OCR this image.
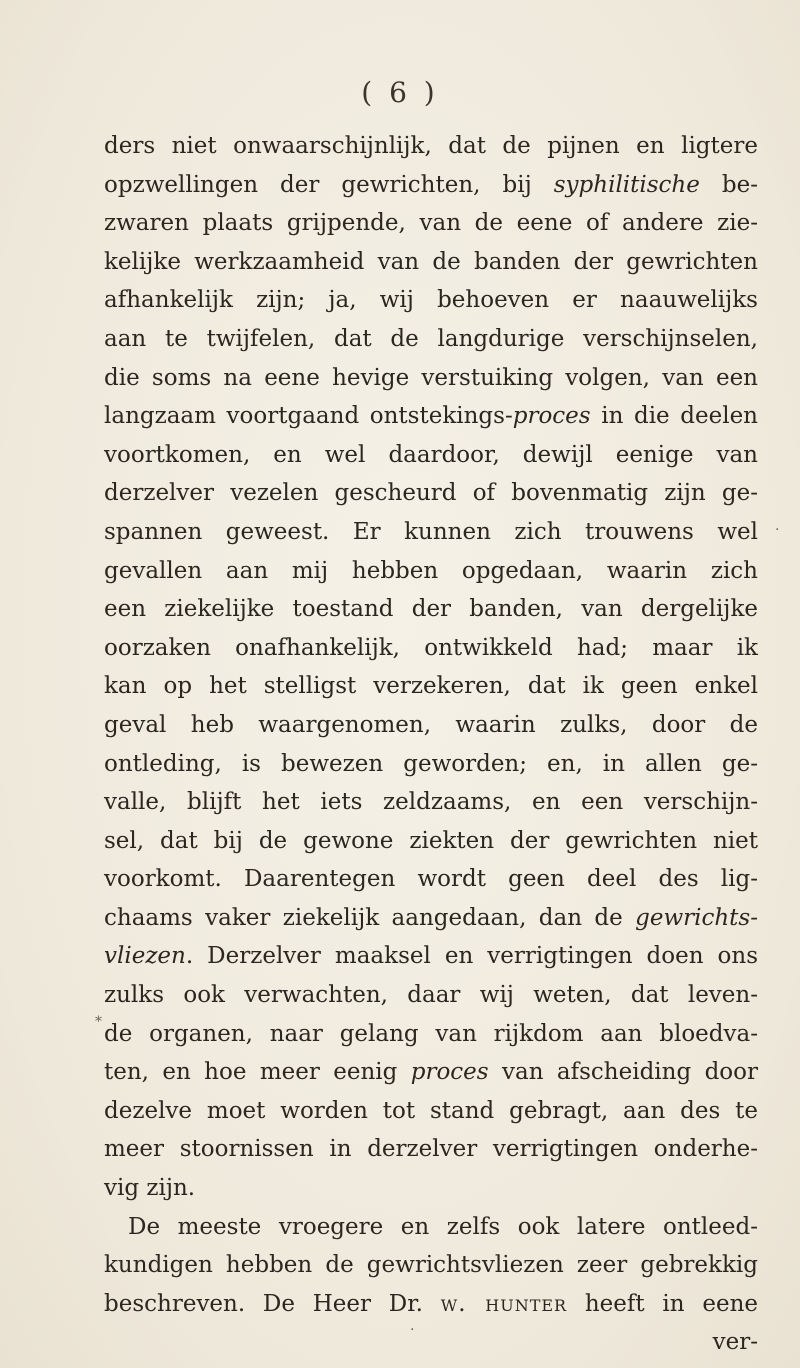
( 6 )
ders niet onwaarschijnlijk, dat de pijnen en ligtere
opzwellingen der gewrichten, bij syphilitische be-
zwaren plaats grijpende, van de eene of andere zie-
kelijke werkzaamheid van de banden der gewrichten
afhankelijk zijn; ja, wij behoeven er naauwelijks
aan te twijfelen, dat de langdurige verschijnselen,
die soms na eene hevige verstuiking volgen, van een
langzaam voortgaand ontstekings-proces in die deelen
voortkomen, en wel daardoor, dewijl eenige van
derzelver vezelen gescheurd of bovenmatig zijn ge-
spannen geweest. Er kunnen zich trouwens wel
gevallen aan mij hebben opgedaan, waarin zich
een ziekelijke toestand der banden, van dergelijke
oorzaken onafhankelijk, ontwikkeld had; maar ik
kan op het stelligst verzekeren, dat ik geen enkel
geval heb waargenomen, waarin zulks, door de
ontleding, is bewezen geworden; en, in allen ge-
valle, blijft het iets zeldzaams, en een verschijn-
sel, dat bij de gewone ziekten der gewrichten niet
voorkomt. Daarentegen wordt geen deel des lig-
chaams vaker ziekelijk aangedaan, dan de gewrichts-
vliezen. Derzelver maaksel en verrigtingen doen ons
zulks ook verwachten, daar wij weten, dat leven-
de organen, naar gelang van rijkdom aan bloedva-
ten, en hoe meer eenig proces van afscheiding door
dezelve moet worden tot stand gebragt, aan des te
meer stoornissen in derzelver verrigtingen onderhe-
vig zijn.
De meeste vroegere en zelfs ook latere ontleed-
kundigen hebben de gewrichtsvliezen zeer gebrekkig
beschreven. De Heer Dr. w. hunter heeft in eene
ver-
.
*
.
